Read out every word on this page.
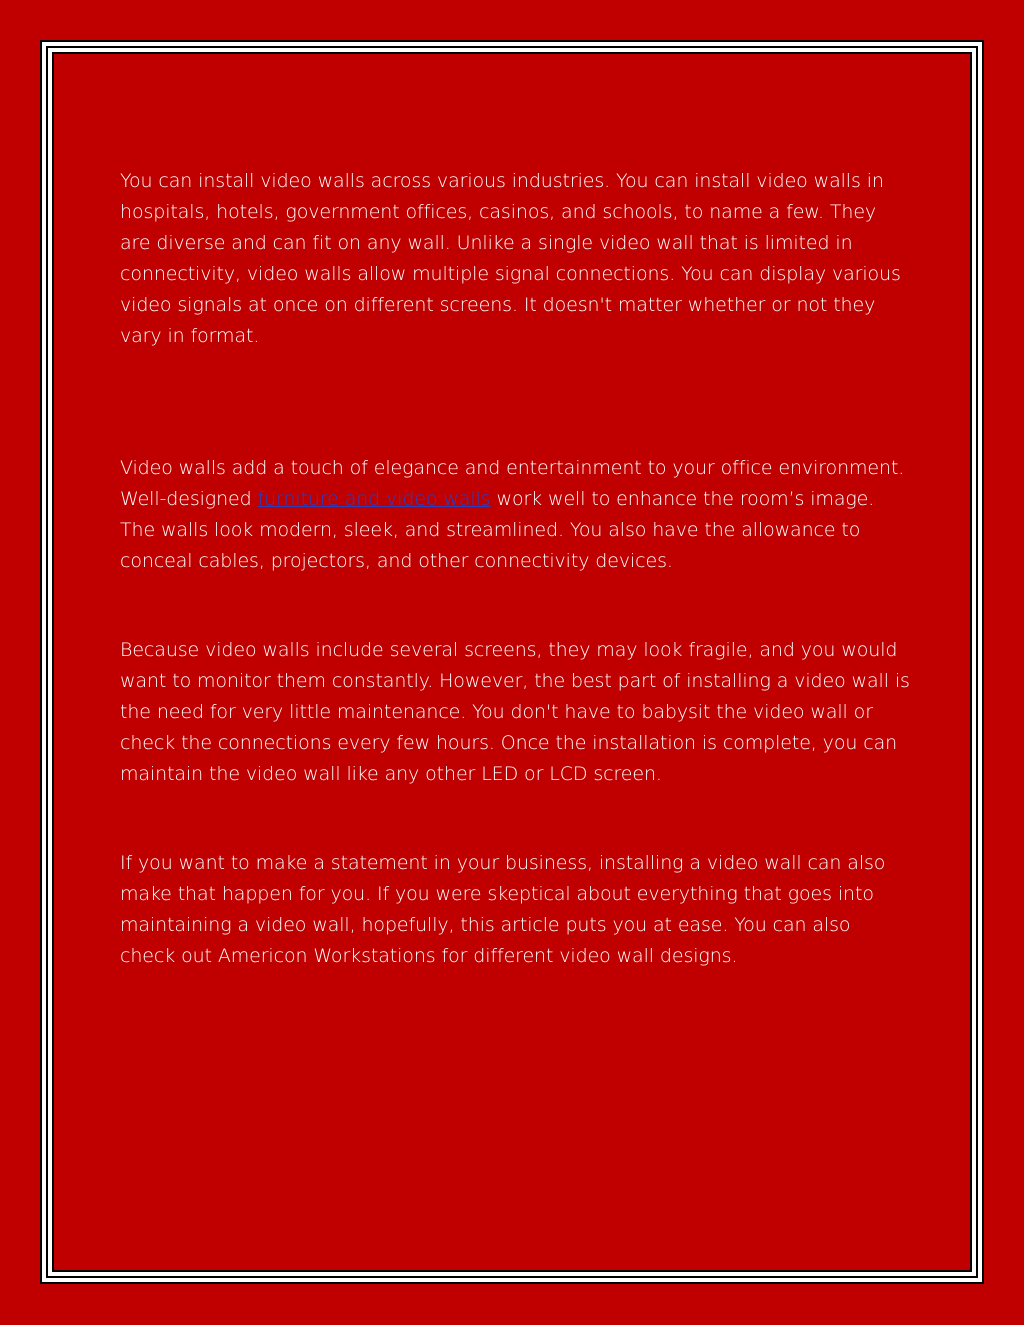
You can install video walls across various industries. You can install video walls in hospitals, hotels, government offices, casinos, and schools, to name a few. They are diverse and can fit on any wall. Unlike a single video wall that is limited in connectivity, video walls allow multiple signal connections. You can display various video signals at once on different screens. It doesn't matter whether or not they vary in format.

Video walls add a touch of elegance and entertainment to your office environment. Well-designed furniture and video walls work well to enhance the room’s image. The walls look modern, sleek, and streamlined. You also have the allowance to conceal cables, projectors, and other connectivity devices.

Because video walls include several screens, they may look fragile, and you would want to monitor them constantly. However, the best part of installing a video wall is the need for very little maintenance. You don't have to babysit the video wall or check the connections every few hours. Once the installation is complete, you can maintain the video wall like any other LED or LCD screen.

If you want to make a statement in your business, installing a video wall can also make that happen for you. If you were skeptical about everything that goes into maintaining a video wall, hopefully, this article puts you at ease. You can also check out Americon Workstations for different video wall designs.
